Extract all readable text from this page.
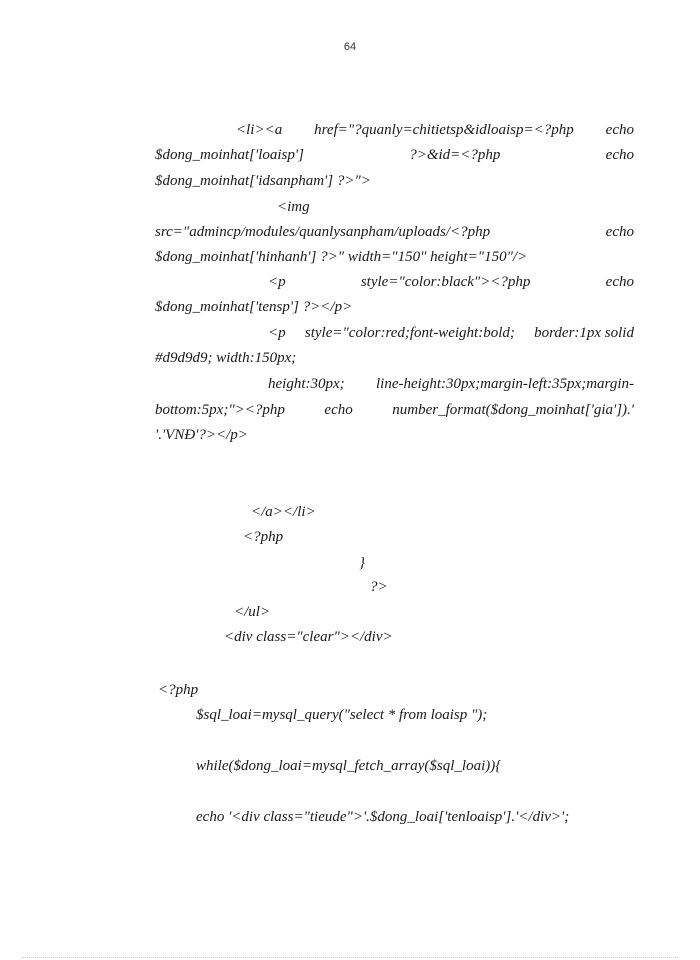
64
<li><a href="?quanly=chitietsp&idloaisp=<?php echo
$dong_moinhat['loaisp']	?>&id=<?php	echo
$dong_moinhat['idsanpham'] ?>">
<img
src="admincp/modules/quanlysanpham/uploads/<?php	echo
$dong_moinhat['hinhanh'] ?>" width="150" height="150"/>
<p	style="color:black"><?php	echo
$dong_moinhat['tensp'] ?></p>
<p style="color:red;font-weight:bold; border:1px solid
#d9d9d9; width:150px;
height:30px; line-height:30px;margin-left:35px;margin-
bottom:5px;"><?php	echo	number_format($dong_moinhat['gia']).'
'.'VNĐ'?></p>
</a></li>
<?php
}
?>
</ul>
<div class="clear"></div>
<?php
$sql_loai=mysql_query("select * from loaisp ");
while($dong_loai=mysql_fetch_array($sql_loai)){
echo '<div class="tieude">'.$dong_loai['tenloaisp'].'</div>';
